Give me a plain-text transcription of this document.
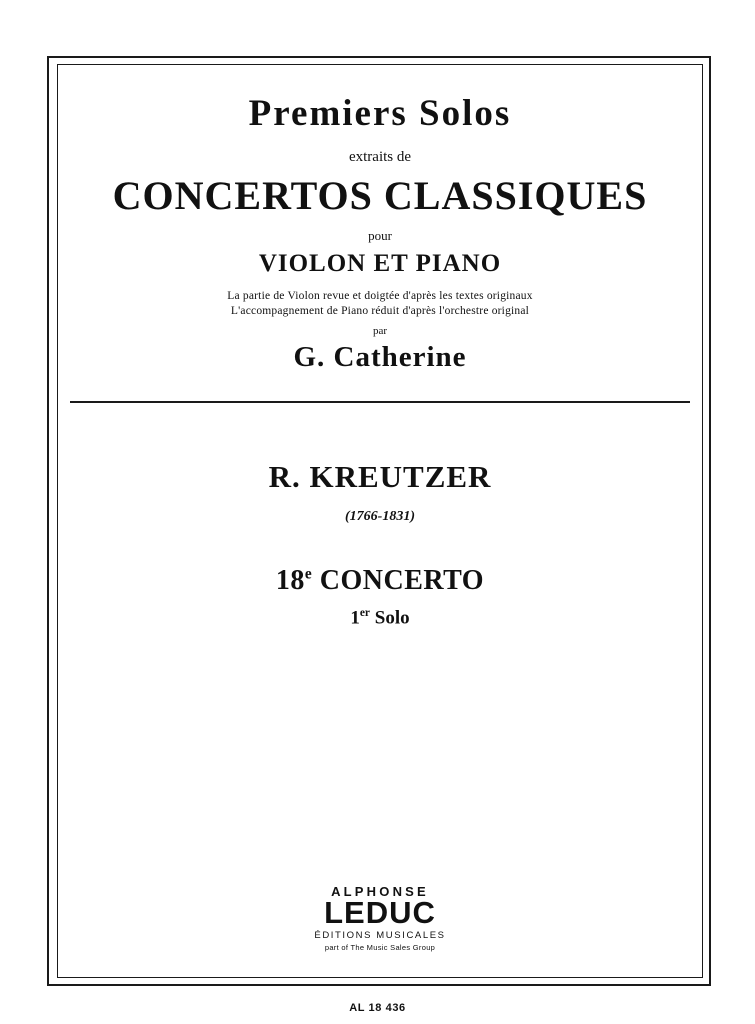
Premiers Solos
extraits de
CONCERTOS CLASSIQUES
pour
VIOLON ET PIANO
La partie de Violon revue et doigtée d'après les textes originaux
L'accompagnement de Piano réduit d'après l'orchestre original
par
G. Catherine
R. KREUTZER
(1766-1831)
18e CONCERTO
1er Solo
ALPHONSE
LEDUC
ÉDITIONS MUSICALES
part of The Music Sales Group
AL 18 436
